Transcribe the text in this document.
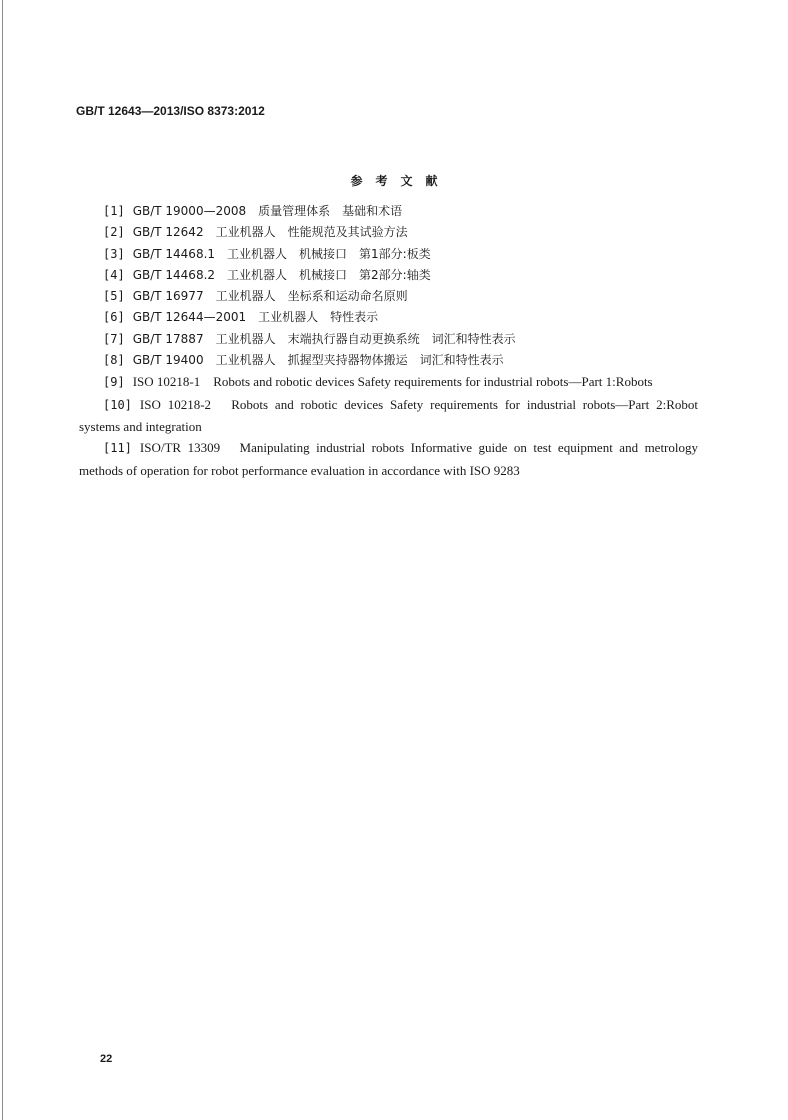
GB/T 12643—2013/ISO 8373:2012
参考文献
[1] GB/T 19000—2008　质量管理体系　基础和术语
[2] GB/T 12642　工业机器人　性能规范及其试验方法
[3] GB/T 14468.1　工业机器人　机械接口　第1部分:板类
[4] GB/T 14468.2　工业机器人　机械接口　第2部分:轴类
[5] GB/T 16977　工业机器人　坐标系和运动命名原则
[6] GB/T 12644—2001　工业机器人　特性表示
[7] GB/T 17887　工业机器人　末端执行器自动更换系统　词汇和特性表示
[8] GB/T 19400　工业机器人　抓握型夹持器物体搬运　词汇和特性表示
[9] ISO 10218-1　Robots and robotic devices Safety requirements for industrial robots—Part 1:Robots
[10] ISO 10218-2　Robots and robotic devices Safety requirements for industrial robots—Part 2:Robot systems and integration
[11] ISO/TR 13309　Manipulating industrial robots Informative guide on test equipment and metrology methods of operation for robot performance evaluation in accordance with ISO 9283
22
